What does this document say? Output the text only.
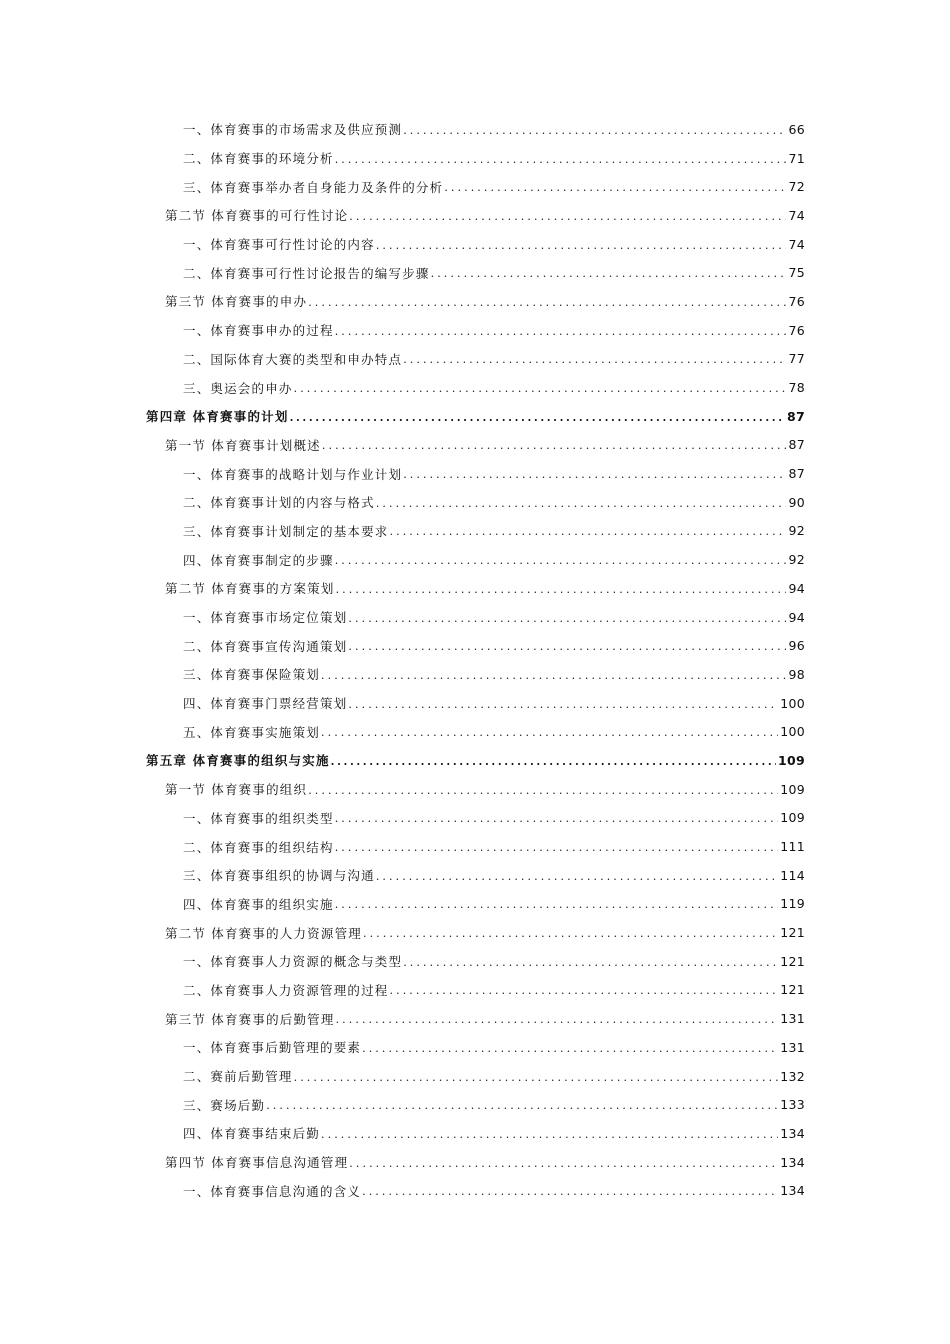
一、体育赛事的市场需求及供应预测 .....	66
二、体育赛事的环境分析 .....	71
三、体育赛事举办者自身能力及条件的分析 .....	72
第二节 体育赛事的可行性讨论 .....	74
一、体育赛事可行性讨论的内容 .....	74
二、体育赛事可行性讨论报告的编写步骤 .....	75
第三节 体育赛事的申办 .....	76
一、体育赛事申办的过程 .....	76
二、国际体育大赛的类型和申办特点 .....	77
三、奥运会的申办 .....	78
第四章 体育赛事的计划 .....	87
第一节 体育赛事计划概述 .....	87
一、体育赛事的战略计划与作业计划 .....	87
二、体育赛事计划的内容与格式 .....	90
三、体育赛事计划制定的基本要求 .....	92
四、体育赛事制定的步骤 .....	92
第二节 体育赛事的方案策划 .....	94
一、体育赛事市场定位策划 .....	94
二、体育赛事宣传沟通策划 .....	96
三、体育赛事保险策划 .....	98
四、体育赛事门票经营策划 .....	100
五、体育赛事实施策划 .....	100
第五章 体育赛事的组织与实施 .....	109
第一节 体育赛事的组织 .....	109
一、体育赛事的组织类型 .....	109
二、体育赛事的组织结构 .....	111
三、体育赛事组织的协调与沟通 .....	114
四、体育赛事的组织实施 .....	119
第二节 体育赛事的人力资源管理 .....	121
一、体育赛事人力资源的概念与类型 .....	121
二、体育赛事人力资源管理的过程 .....	121
第三节 体育赛事的后勤管理 .....	131
一、体育赛事后勤管理的要素 .....	131
二、赛前后勤管理 .....	132
三、赛场后勤 .....	133
四、体育赛事结束后勤 .....	134
第四节 体育赛事信息沟通管理 .....	134
一、体育赛事信息沟通的含义 .....	134
